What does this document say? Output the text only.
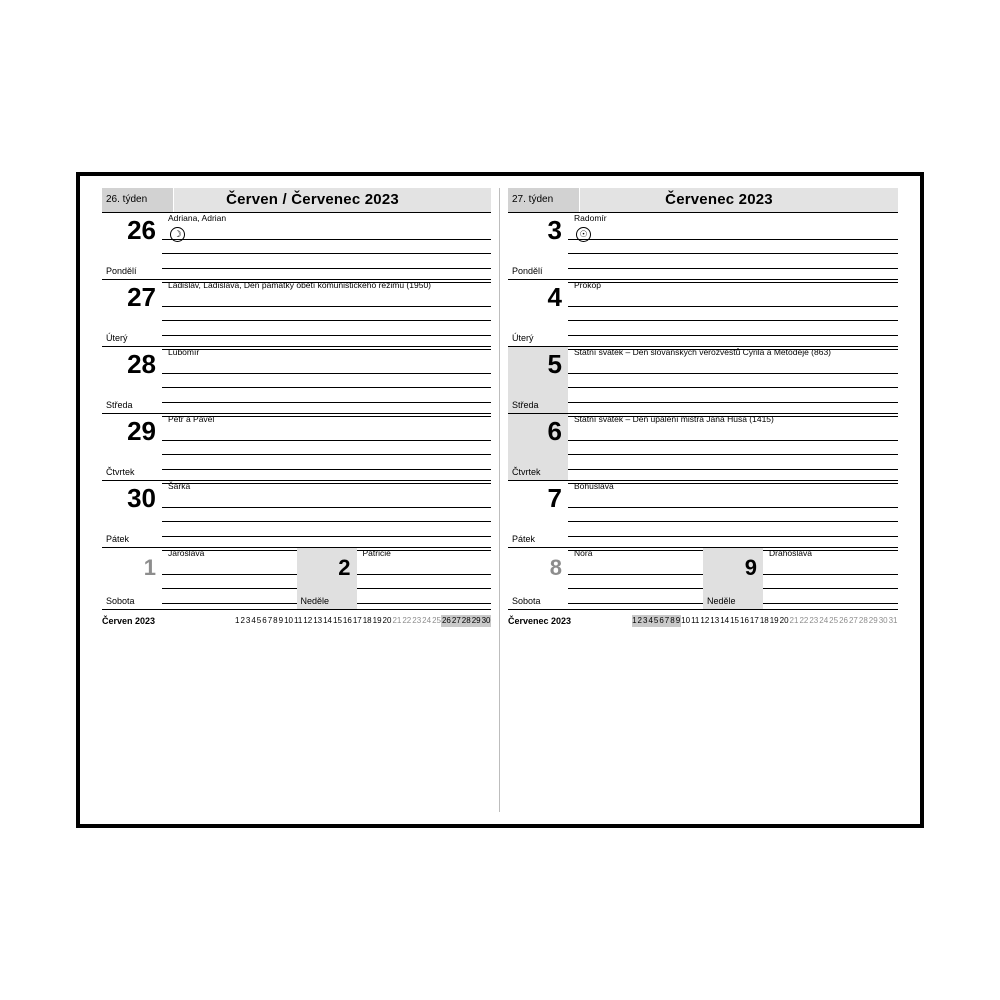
26. týden	Červen / Červenec 2023
26
Pondělí
Adriana, Adrian
☽
27
Úterý
Ladislav, Ladislava, Den památky obětí komunistického režimu (1950)
28
Středa
Lubomír
29
Čtvrtek
Petr a Pavel
30
Pátek
Šárka
1
Sobota
Jaroslava
2
Neděle
Patricie
Červen 2023	1 2 3 4 5 6 7 8 9 10 11 12 13 14 15 16 17 18 19 20 21 22 23 24 25 26 27 28 29 30
27. týden	Červenec 2023
3
Pondělí
Radomír
☉
4
Úterý
Prokop
5
Středa
Státní svátek – Den slovanských věrozvěstů Cyrila a Metoděje (863)
6
Čtvrtek
Státní svátek – Den upálení mistra Jana Husa (1415)
7
Pátek
Bohuslava
8
Sobota
Nora
9
Neděle
Drahoslava
Červenec 2023	1 2 3 4 5 6 7 8 9 10 11 12 13 14 15 16 17 18 19 20 21 22 23 24 25 26 27 28 29 30 31
